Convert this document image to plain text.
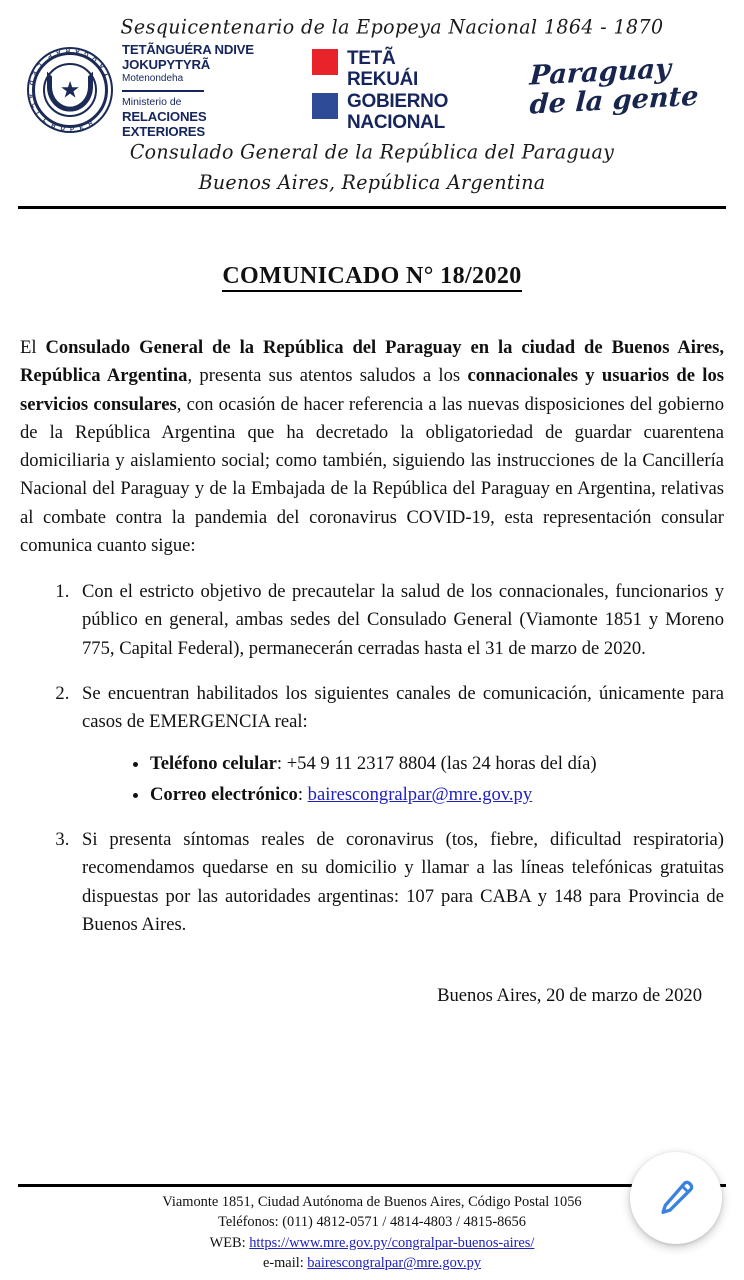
Sesquicentenario de la Epopeya Nacional 1864 - 1870
★
R
E
P
U
B
L
I
C
A
D
E
L
P A R A G
U
A
Y
TETÃNGUÉRA NDIVE
JOKUPYTYRÃ
Motenondeha
Ministerio de
RELACIONES
EXTERIORES
TETÃ
REKUÁI
GOBIERNO
NACIONAL
Paraguay
de la gente
Consulado General de la República del Paraguay
Buenos Aires, República Argentina
COMUNICADO N° 18/2020

El Consulado General de la República del Paraguay en la ciudad de Buenos Aires, República Argentina, presenta sus atentos saludos a los connacionales y usuarios de los servicios consulares, con ocasión de hacer referencia a las nuevas disposiciones del gobierno de la República Argentina que ha decretado la obligatoriedad de guardar cuarentena domiciliaria y aislamiento social; como también, siguiendo las instrucciones de la Cancillería Nacional del Paraguay y de la Embajada de la República del Paraguay en Argentina, relativas al combate contra la pandemia del coronavirus COVID-19, esta representación consular comunica cuanto sigue:

1. Con el estricto objetivo de precautelar la salud de los connacionales, funcionarios y público en general, ambas sedes del Consulado General (Viamonte 1851 y Moreno 775, Capital Federal), permanecerán cerradas hasta el 31 de marzo de 2020.
2. Se encuentran habilitados los siguientes canales de comunicación, únicamente para casos de EMERGENCIA real:
• Teléfono celular: +54 9 11 2317 8804 (las 24 horas del día)
• Correo electrónico: bairescongralpar@mre.gov.py
3. Si presenta síntomas reales de coronavirus (tos, fiebre, dificultad respiratoria) recomendamos quedarse en su domicilio y llamar a las líneas telefónicas gratuitas dispuestas por las autoridades argentinas: 107 para CABA y 148 para Provincia de Buenos Aires.
Buenos Aires, 20 de marzo de 2020
Viamonte 1851, Ciudad Autónoma de Buenos Aires, Código Postal 1056
Teléfonos: (011) 4812-0571 / 4814-4803 / 4815-8656
WEB: https://www.mre.gov.py/congralpar-buenos-aires/
e-mail: bairescongralpar@mre.gov.py
